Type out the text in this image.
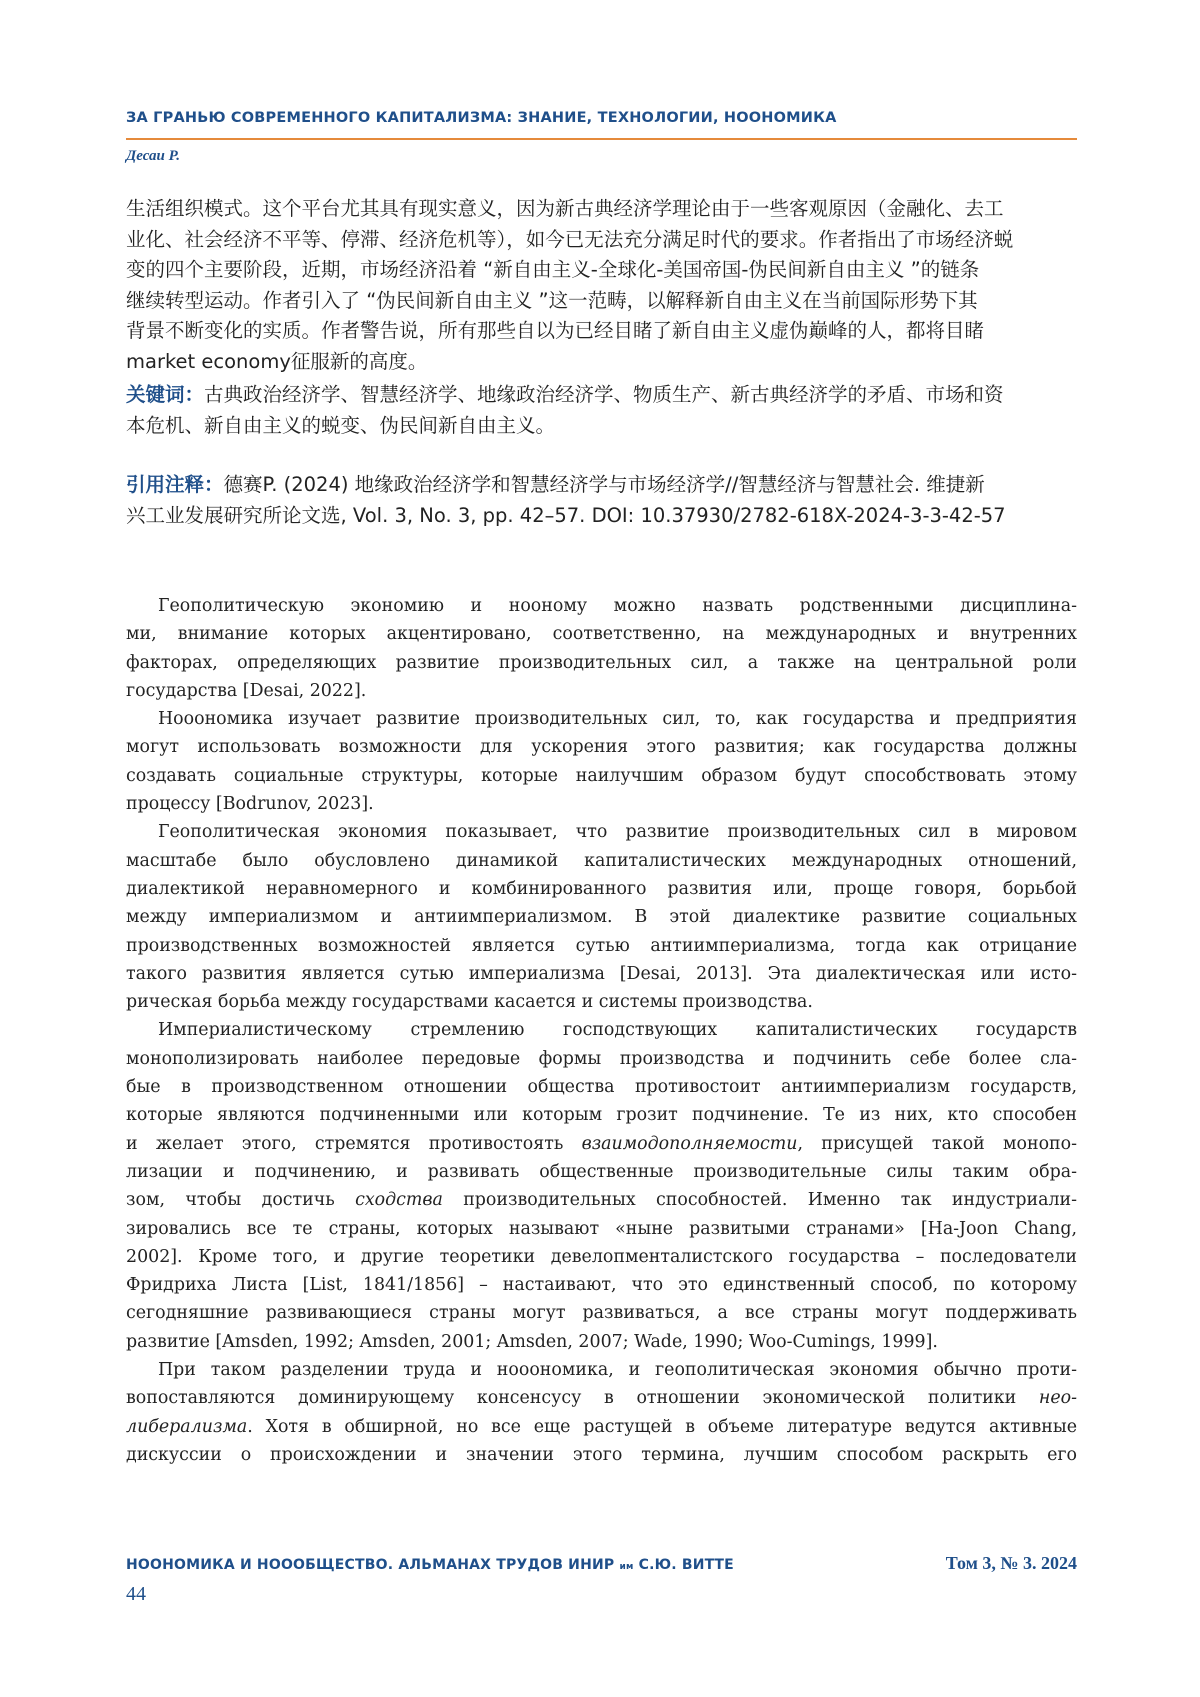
ЗА ГРАНЬЮ СОВРЕМЕННОГО КАПИТАЛИЗМА: ЗНАНИЕ, ТЕХНОЛОГИИ, НООНОМИКА
Десаи Р.
生活组织模式。这个平台尤其具有现实意义，因为新古典经济学理论由于一些客观原因（金融化、去工
业化、社会经济不平等、停滞、经济危机等），如今已无法充分满足时代的要求。作者指出了市场经济蜕
变的四个主要阶段，近期，市场经济沿着 “新自由主义-全球化-美国帝国-伪民间新自由主义 ”的链条
继续转型运动。作者引入了 “伪民间新自由主义 ”这一范畴，以解释新自由主义在当前国际形势下其
背景不断变化的实质。作者警告说，所有那些自以为已经目睹了新自由主义虚伪巅峰的人，都将目睹
market economy征服新的高度。
关键词：古典政治经济学、智慧经济学、地缘政治经济学、物质生产、新古典经济学的矛盾、市场和资
本危机、新自由主义的蜕变、伪民间新自由主义。
引用注释：德赛P. (2024) 地缘政治经济学和智慧经济学与市场经济学//智慧经济与智慧社会. 维捷新
兴工业发展研究所论文选, Vol. 3, No. 3, pp. 42–57. DOI: 10.37930/2782-618X-2024-3-3-42-57
Геополитическую экономию и нооному можно назвать родственными дисциплина-
ми, внимание которых акцентировано, соответственно, на международных и внутренних
факторах, определяющих развитие производительных сил, а также на центральной роли
государства [Desai, 2022].
Нооономика изучает развитие производительных сил, то, как государства и предприятия
могут использовать возможности для ускорения этого развития; как государства должны
создавать социальные структуры, которые наилучшим образом будут способствовать этому
процессу [Bodrunov, 2023].
Геополитическая экономия показывает, что развитие производительных сил в мировом
масштабе было обусловлено динамикой капиталистических международных отношений,
диалектикой неравномерного и комбинированного развития или, проще говоря, борьбой
между империализмом и антиимпериализмом. В этой диалектике развитие социальных
производственных возможностей является сутью антиимпериализма, тогда как отрицание
такого развития является сутью империализма [Desai, 2013]. Эта диалектическая или исто-
рическая борьба между государствами касается и системы производства.
Империалистическому стремлению господствующих капиталистических государств
монополизировать наиболее передовые формы производства и подчинить себе более сла-
бые в производственном отношении общества противостоит антиимпериализм государств,
которые являются подчиненными или которым грозит подчинение. Те из них, кто способен
и желает этого, стремятся противостоять взаимодополняемости, присущей такой монопо-
лизации и подчинению, и развивать общественные производительные силы таким обра-
зом, чтобы достичь сходства производительных способностей. Именно так индустриали-
зировались все те страны, которых называют «ныне развитыми странами» [Ha-Joon Chang,
2002]. Кроме того, и другие теоретики девелопменталистского государства – последователи
Фридриха Листа [List, 1841/1856] – настаивают, что это единственный способ, по которому
сегодняшние развивающиеся страны могут развиваться, а все страны могут поддерживать
развитие [Amsden, 1992; Amsden, 2001; Amsden, 2007; Wade, 1990; Woo-Cumings, 1999].
При таком разделении труда и нооономика, и геополитическая экономия обычно проти-
вопоставляются доминирующему консенсусу в отношении экономической политики нео-
либерализма. Хотя в обширной, но все еще растущей в объеме литературе ведутся активные
дискуссии о происхождении и значении этого термина, лучшим способом раскрыть его
НООНОМИКА И НОООБЩЕСТВО. АЛЬМАНАХ ТРУДОВ ИНИР им С.Ю. ВИТТЕ	Том 3, № 3. 2024
44
